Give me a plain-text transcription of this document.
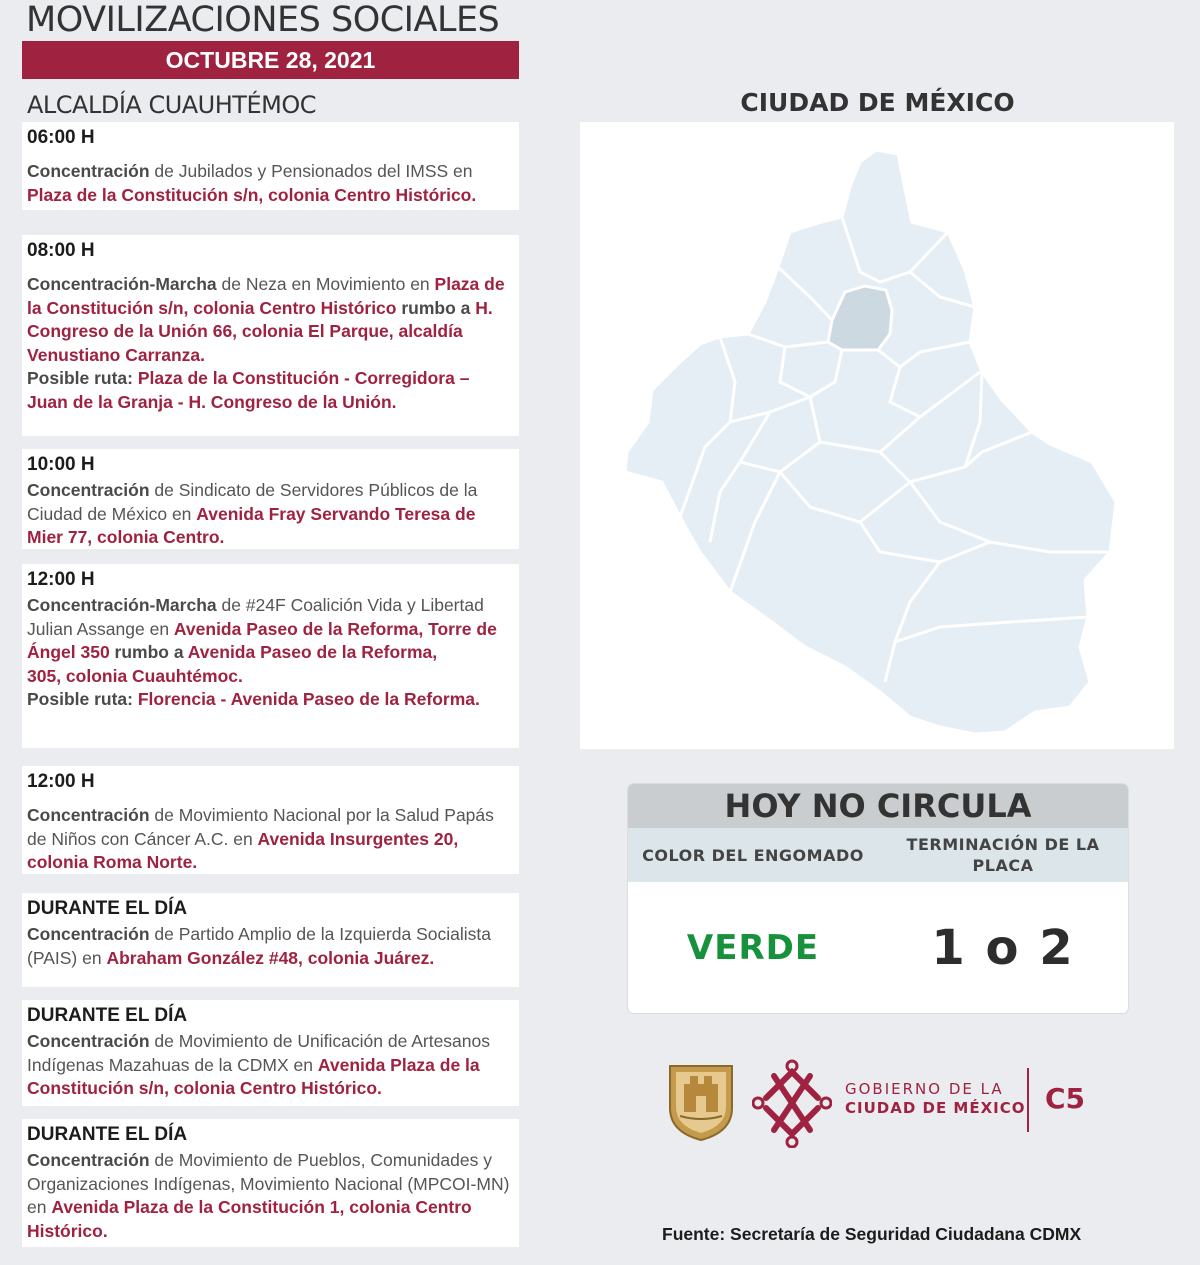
MOVILIZACIONES SOCIALES
OCTUBRE 28, 2021
ALCALDÍA CUAUHTÉMOC
06:00 H

Concentración de Jubilados y Pensionados del IMSS en Plaza de la Constitución s/n, colonia Centro Histórico.

08:00 H

Concentración-Marcha de Neza en Movimiento en Plaza de la Constitución s/n, colonia Centro Histórico rumbo a H. Congreso de la Unión 66, colonia El Parque, alcaldía Venustiano Carranza.

Posible ruta: Plaza de la Constitución - Corregidora – Juan de la Granja - H. Congreso de la Unión.

10:00 H

Concentración de Sindicato de Servidores Públicos de la Ciudad de México en Avenida Fray Servando Teresa de Mier 77, colonia Centro.

12:00 H

Concentración-Marcha de #24F Coalición Vida y Libertad Julian Assange en Avenida Paseo de la Reforma, Torre de Ángel 350 rumbo a Avenida Paseo de la Reforma,

305, colonia Cuauhtémoc.

Posible ruta: Florencia - Avenida Paseo de la Reforma.

12:00 H

Concentración de Movimiento Nacional por la Salud Papás de Niños con Cáncer A.C. en Avenida Insurgentes 20, colonia Roma Norte.

DURANTE EL DÍA

Concentración de Partido Amplio de la Izquierda Socialista (PAIS) en Abraham González #48, colonia Juárez.

DURANTE EL DÍA

Concentración de Movimiento de Unificación de Artesanos Indígenas Mazahuas de la CDMX en Avenida Plaza de la Constitución s/n, colonia Centro Histórico.

DURANTE EL DÍA

Concentración de Movimiento de Pueblos, Comunidades y Organizaciones Indígenas, Movimiento Nacional (MPCOI-MN) en Avenida Plaza de la Constitución 1, colonia Centro Histórico.

CIUDAD DE MÉXICO
HOY NO CIRCULA
COLOR DEL ENGOMADO
TERMINACIÓN DE LA PLACA
VERDE	1 o 2
GOBIERNO DE LA
CIUDAD DE MÉXICO C5
Fuente: Secretaría de Seguridad Ciudadana CDMX
